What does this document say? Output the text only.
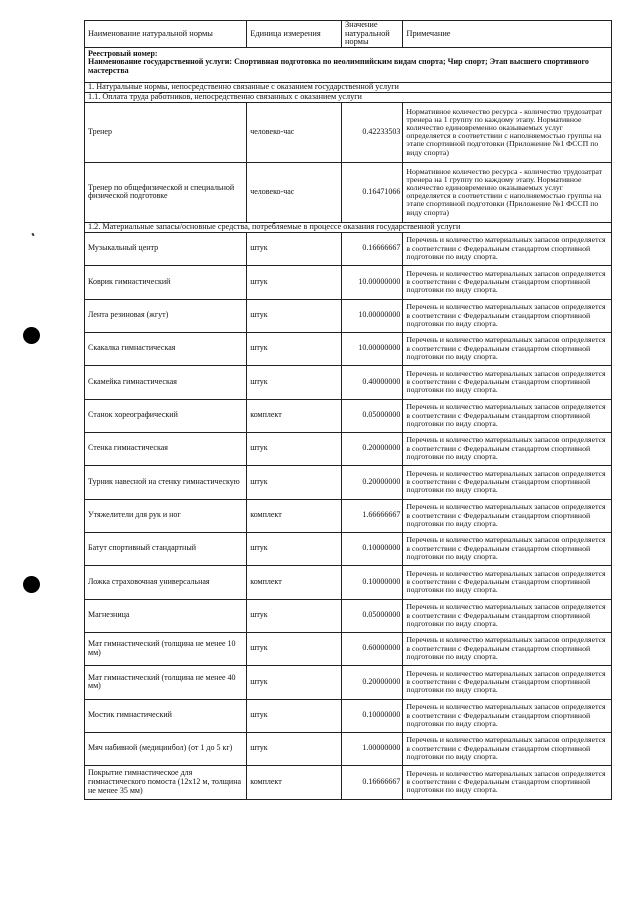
Наименование натуральной нормы	Единица измерения	Значение натуральной нормы	Примечание

Реестровый номер:
Наименование государственной услуги: Спортивная подготовка по неолимпийским видам спорта; Чир спорт; Этап высшего спортивного мастерства			

1. Натуральные нормы, непосредственно связанные с оказанием государственной услуги			
1.1. Оплата труда работников, непосредственно связанных с оказанием услуги			
Тренер	человеко-час	0.42233503	Нормативное количество ресурса - количество трудозатрат тренера на 1 группу по каждому этапу. Нормативное количество единовременно оказываемых услуг определяется в соответствии с наполняемостью группы на этапе спортивной подготовки (Приложение №1 ФССП по виду спорта)
Тренер по общефизической и специальной физической подготовке	человеко-час	0.16471066	Нормативное количество ресурса - количество трудозатрат тренера на 1 группу по каждому этапу. Нормативное количество единовременно оказываемых услуг определяется в соответствии с наполняемостью группы на этапе спортивной подготовки (Приложение №1 ФССП по виду спорта)
1.2. Материальные запасы/основные средства, потребляемые в процессе оказания государственной услуги			
Музыкальный центр	штук	0.16666667	Перечень и количество материальных запасов определяется в соответствии с Федеральным стандартом спортивной подготовки по виду спорта.
Коврик гимнастический	штук	10.00000000	Перечень и количество материальных запасов определяется в соответствии с Федеральным стандартом спортивной подготовки по виду спорта.
Лента резиновая (жгут)	штук	10.00000000	Перечень и количество материальных запасов определяется в соответствии с Федеральным стандартом спортивной подготовки по виду спорта.
Скакалка гимнастическая	штук	10.00000000	Перечень и количество материальных запасов определяется в соответствии с Федеральным стандартом спортивной подготовки по виду спорта.
Скамейка гимнастическая	штук	0.40000000	Перечень и количество материальных запасов определяется в соответствии с Федеральным стандартом спортивной подготовки по виду спорта.
Станок хореографический	комплект	0.05000000	Перечень и количество материальных запасов определяется в соответствии с Федеральным стандартом спортивной подготовки по виду спорта.
Стенка гимнастическая	штук	0.20000000	Перечень и количество материальных запасов определяется в соответствии с Федеральным стандартом спортивной подготовки по виду спорта.
Турник навесной на стенку гимнастическую	штук	0.20000000	Перечень и количество материальных запасов определяется в соответствии с Федеральным стандартом спортивной подготовки по виду спорта.
Утяжелители для рук и ног	комплект	1.66666667	Перечень и количество материальных запасов определяется в соответствии с Федеральным стандартом спортивной подготовки по виду спорта.
Батут спортивный стандартный	штук	0.10000000	Перечень и количество материальных запасов определяется в соответствии с Федеральным стандартом спортивной подготовки по виду спорта.
Ложка страховочная универсальная	комплект	0.10000000	Перечень и количество материальных запасов определяется в соответствии с Федеральным стандартом спортивной подготовки по виду спорта.
Магнезница	штук	0.05000000	Перечень и количество материальных запасов определяется в соответствии с Федеральным стандартом спортивной подготовки по виду спорта.
Мат гимнастический (толщина не менее 10 мм)	штук	0.60000000	Перечень и количество материальных запасов определяется в соответствии с Федеральным стандартом спортивной подготовки по виду спорта.
Мат гимнастический (толщина не менее 40 мм)	штук	0.20000000	Перечень и количество материальных запасов определяется в соответствии с Федеральным стандартом спортивной подготовки по виду спорта.
Мостик гимнастический	штук	0.10000000	Перечень и количество материальных запасов определяется в соответствии с Федеральным стандартом спортивной подготовки по виду спорта.
Мяч набивной (медицинбол) (от 1 до 5 кг)	штук	1.00000000	Перечень и количество материальных запасов определяется в соответствии с Федеральным стандартом спортивной подготовки по виду спорта.
Покрытие гимнастическое для гимнастического помоста (12х12 м, толщина не менее 35 мм)	комплект	0.16666667	Перечень и количество материальных запасов определяется в соответствии с Федеральным стандартом спортивной подготовки по виду спорта.
